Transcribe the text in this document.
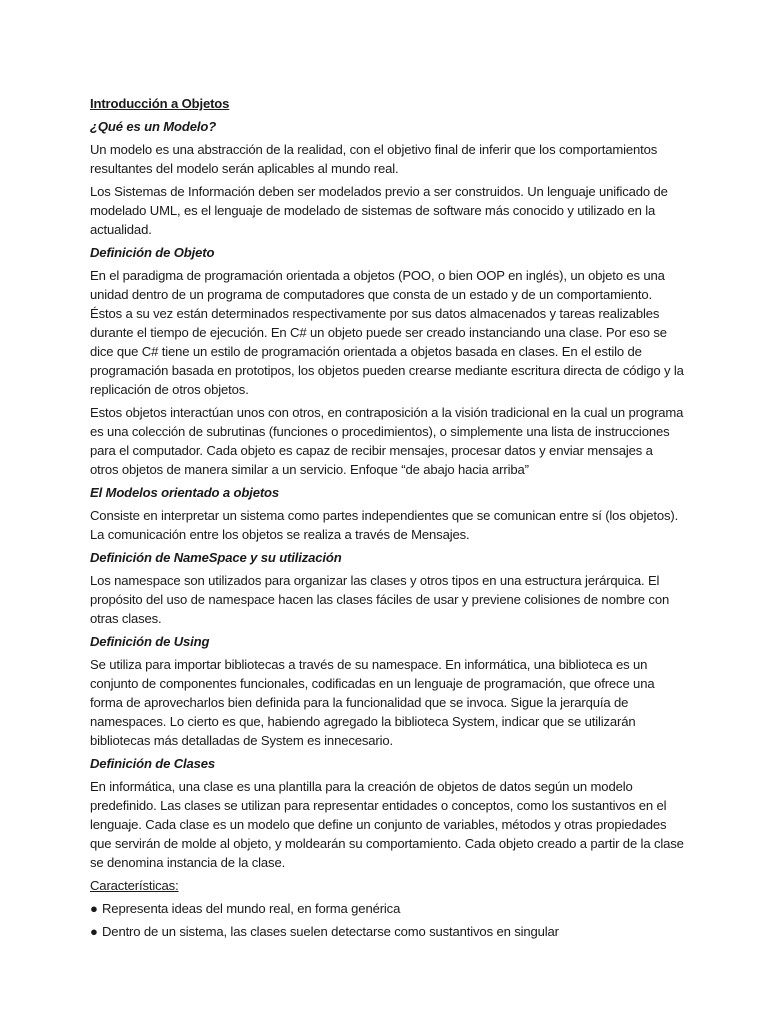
Introducción a Objetos
¿Qué es un Modelo?
Un modelo es una abstracción de la realidad, con el objetivo final de inferir que los comportamientos resultantes del modelo serán aplicables al mundo real.
Los Sistemas de Información deben ser modelados previo a ser construidos. Un lenguaje unificado de modelado UML, es el lenguaje de modelado de sistemas de software más conocido y utilizado en la actualidad.
Definición de Objeto
En el paradigma de programación orientada a objetos (POO, o bien OOP en inglés), un objeto es una unidad dentro de un programa de computadores que consta de un estado y de un comportamiento. Éstos a su vez están determinados respectivamente por sus datos almacenados y tareas realizables durante el tiempo de ejecución. En C# un objeto puede ser creado instanciando una clase. Por eso se dice que C# tiene un estilo de programación orientada a objetos basada en clases. En el estilo de programación basada en prototipos, los objetos pueden crearse mediante escritura directa de código y la replicación de otros objetos.
Estos objetos interactúan unos con otros, en contraposición a la visión tradicional en la cual un programa es una colección de subrutinas (funciones o procedimientos), o simplemente una lista de instrucciones para el computador. Cada objeto es capaz de recibir mensajes, procesar datos y enviar mensajes a otros objetos de manera similar a un servicio. Enfoque “de abajo hacia arriba”
El Modelos orientado a objetos
Consiste en interpretar un sistema como partes independientes que se comunican entre sí (los objetos). La comunicación entre los objetos se realiza a través de Mensajes.
Definición de NameSpace y su utilización
Los namespace son utilizados para organizar las clases y otros tipos en una estructura jerárquica. El propósito del uso de namespace hacen las clases fáciles de usar y previene colisiones de nombre con otras clases.
Definición de Using
Se utiliza para importar bibliotecas a través de su namespace. En informática, una biblioteca es un conjunto de componentes funcionales, codificadas en un lenguaje de programación, que ofrece una forma de aprovecharlos bien definida para la funcionalidad que se invoca. Sigue la jerarquía de namespaces. Lo cierto es que, habiendo agregado la biblioteca System, indicar que se utilizarán bibliotecas más detalladas de System es innecesario.
Definición de Clases
En informática, una clase es una plantilla para la creación de objetos de datos según un modelo predefinido. Las clases se utilizan para representar entidades o conceptos, como los sustantivos en el lenguaje. Cada clase es un modelo que define un conjunto de variables, métodos y otras propiedades que servirán de molde al objeto, y moldearán su comportamiento. Cada objeto creado a partir de la clase se denomina instancia de la clase.
Características:
● Representa ideas del mundo real, en forma genérica
● Dentro de un sistema, las clases suelen detectarse como sustantivos en singular
